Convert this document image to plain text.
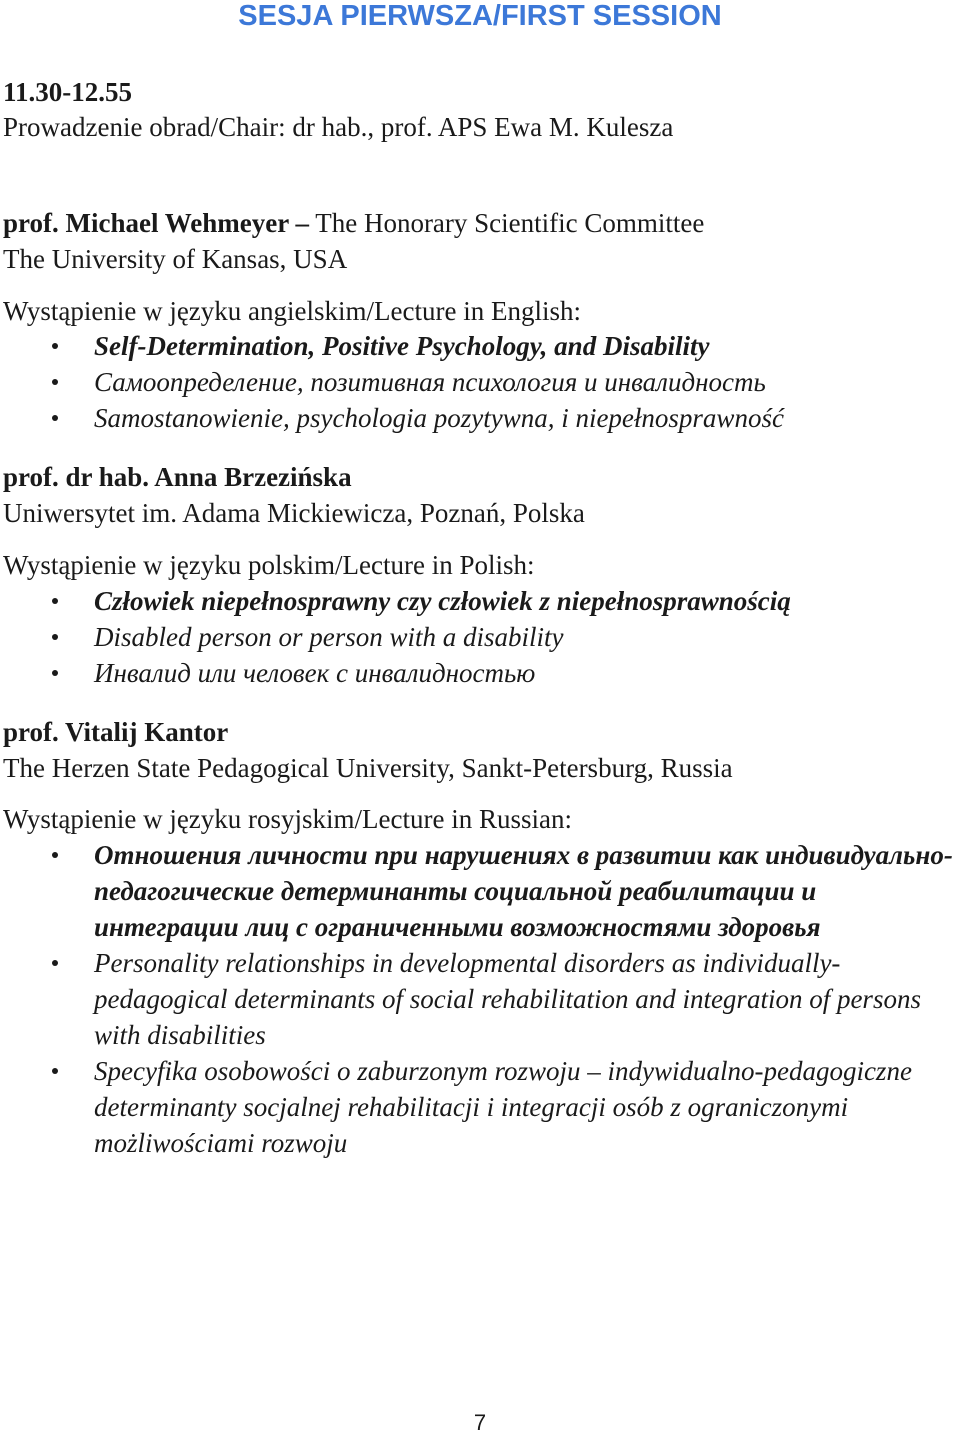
SESJA PIERWSZA/FIRST SESSION
11.30-12.55
Prowadzenie obrad/Chair: dr hab., prof. APS Ewa M. Kulesza
prof. Michael Wehmeyer – The Honorary Scientific Committee
The University of Kansas, USA
Wystąpienie w języku angielskim/Lecture in English:
Self-Determination, Positive Psychology, and Disability
Самоопределение, позитивная психология и инвалидность
Samostanowienie, psychologia pozytywna, i niepełnosprawność
prof. dr hab. Anna Brzezińska
Uniwersytet im. Adama Mickiewicza, Poznań, Polska
Wystąpienie w języku polskim/Lecture in Polish:
Człowiek niepełnosprawny czy człowiek z niepełnosprawnością
Disabled person or person with a disability
Инвалид или человек с инвалидностью
prof. Vitalij Kantor
The Herzen State Pedagogical University, Sankt-Petersburg, Russia
Wystąpienie w języku rosyjskim/Lecture in Russian:
Отношения личности при нарушениях в развитии как индивидуально-педагогические детерминанты социальной реабилитации и интеграции лиц с ограниченными возможностями здоровья
Personality relationships in developmental disorders as individually-pedagogical determinants of social rehabilitation and integration of persons with disabilities
Specyfika osobowości o zaburzonym rozwoju – indywidualno-pedagogiczne determinanty socjalnej rehabilitacji i integracji osób z ograniczonymi możliwościami rozwoju
7
